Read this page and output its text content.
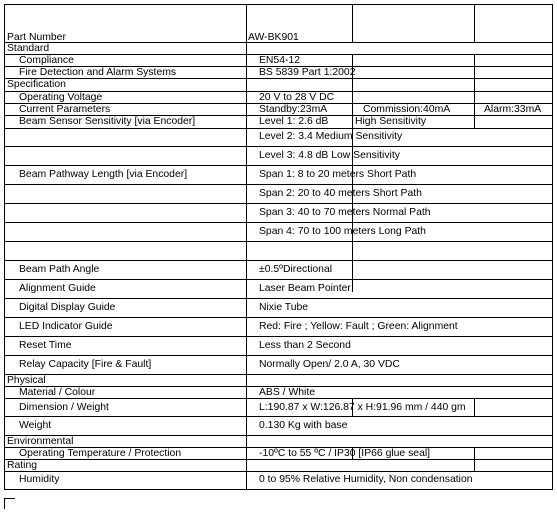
Part Number	AW-BK901
Standard
Compliance	EN54-12
Fire Detection and Alarm Systems	BS 5839 Part 1:2002
Specification
Operating Voltage	20 V to 28 V DC
Current Parameters	Standby:23mA	Commission:40mA	Alarm:33mA
Beam Sensor Sensitivity [via Encoder]	Level 1: 2.6 dB	High Sensitivity
Level 2: 3.4 Medium Sensitivity
Level 3: 4.8 dB Low Sensitivity
Beam Pathway Length [via Encoder]	Span 1: 8 to 20 meters Short Path
Span 2: 20 to 40 meters Short Path
Span 3: 40 to 70 meters Normal Path
Span 4: 70 to 100 meters Long Path
Beam Path Angle	±0.5ºDirectional
Alignment Guide	Laser Beam Pointer
Digital Display Guide	Nixie Tube
LED Indicator Guide	Red: Fire ; Yellow: Fault ; Green: Alignment
Reset Time	Less than 2 Second
Relay Capacity [Fire & Fault]	Normally Open/ 2.0 A, 30 VDC
Physical
Material / Colour	ABS / White
Dimension / Weight	L:190.87 x W:126.87 x H:91.96 mm / 440 gm
Weight	0.130 Kg with base
Environmental
Operating Temperature / Protection	-10ºC to 55 ºC / IP30 [IP66 glue seal]
Rating
Humidity	0 to 95% Relative Humidity, Non condensation
